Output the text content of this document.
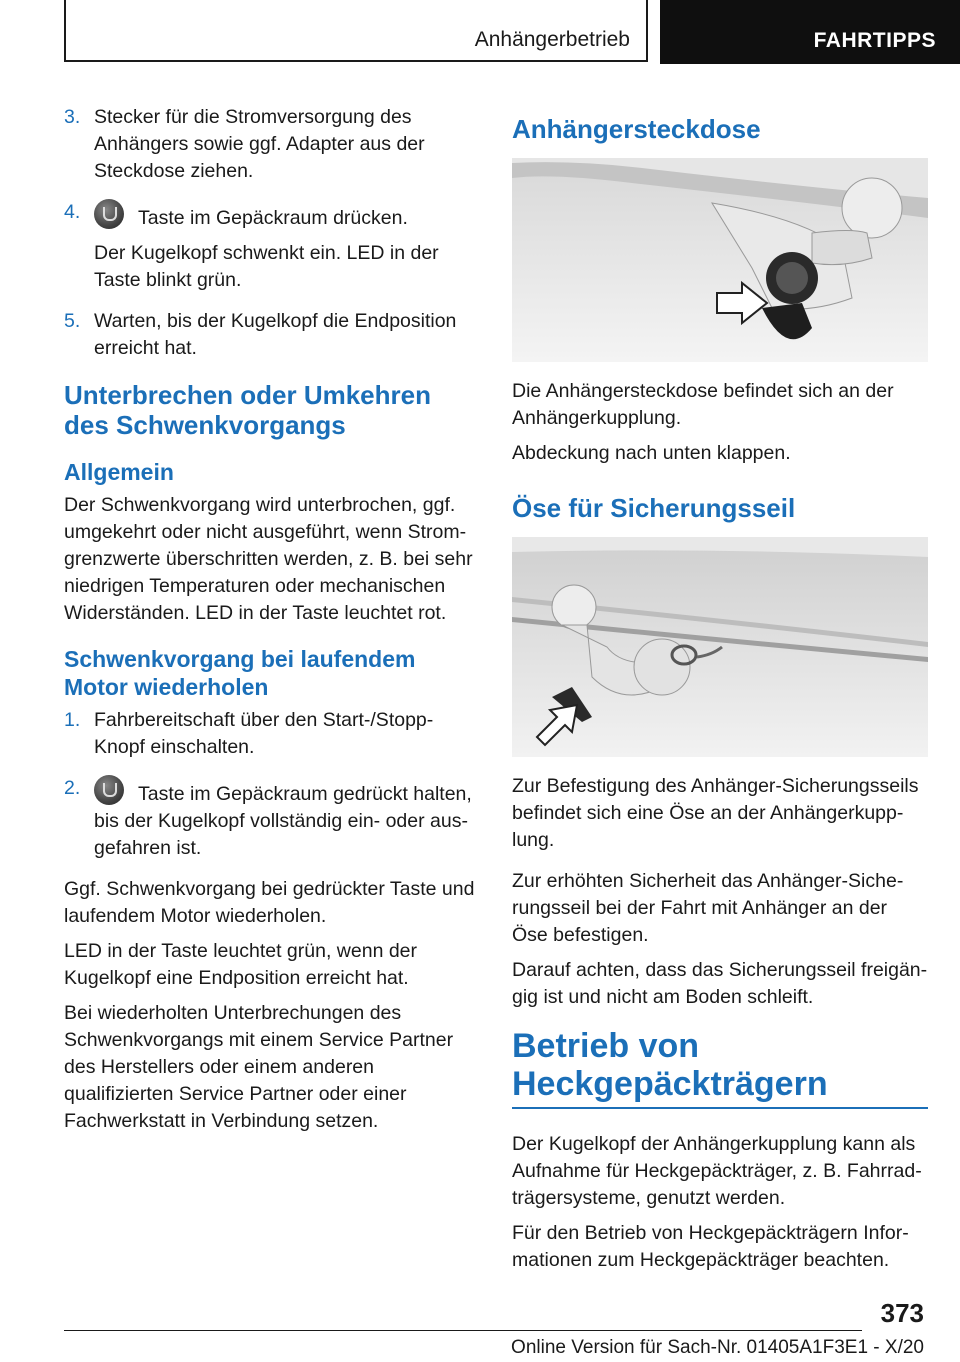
Anhängerbetrieb	FAHRTIPPS
3. Stecker für die Stromversorgung des Anhängers sowie ggf. Adapter aus der Steckdose ziehen.
4.	Taste im Gepäckraum drücken.
Der Kugelkopf schwenkt ein. LED in der Taste blinkt grün.
5. Warten, bis der Kugelkopf die Endposition erreicht hat.
Unterbrechen oder Umkehren des Schwenkvorgangs
Allgemein

Der Schwenkvorgang wird unterbrochen, ggf. umgekehrt oder nicht ausgeführt, wenn Stromgrenzwerte überschritten werden, z. B. bei sehr niedrigen Temperaturen oder mechanischen Widerständen. LED in der Taste leuchtet rot.

Schwenkvorgang bei laufendem Motor wiederholen
1. Fahrbereitschaft über den Start-/Stopp-Knopf einschalten.
2.	Taste im Gepäckraum gedrückt halten, bis der Kugelkopf vollständig ein- oder ausgefahren ist.

Ggf. Schwenkvorgang bei gedrückter Taste und laufendem Motor wiederholen.

LED in der Taste leuchtet grün, wenn der Kugelkopf eine Endposition erreicht hat.

Bei wiederholten Unterbrechungen des Schwenkvorgangs mit einem Service Partner des Herstellers oder einem anderen qualifizierten Service Partner oder einer Fachwerkstatt in Verbindung setzen.

Anhängersteckdose

Die Anhängersteckdose befindet sich an der Anhängerkupplung.

Abdeckung nach unten klappen.

Öse für Sicherungsseil

Zur Befestigung des Anhänger-Sicherungsseils befindet sich eine Öse an der Anhängerkupplung.

Zur erhöhten Sicherheit das Anhänger-Sicherungsseil bei der Fahrt mit Anhänger an der Öse befestigen.

Darauf achten, dass das Sicherungsseil freigängig ist und nicht am Boden schleift.

Betrieb von Heckgepäckträgern

Der Kugelkopf der Anhängerkupplung kann als Aufnahme für Heckgepäckträger, z. B. Fahrradträgersysteme, genutzt werden.

Für den Betrieb von Heckgepäckträgern Informationen zum Heckgepäckträger beachten.

373
Online Version für Sach-Nr. 01405A1F3E1 - X/20
